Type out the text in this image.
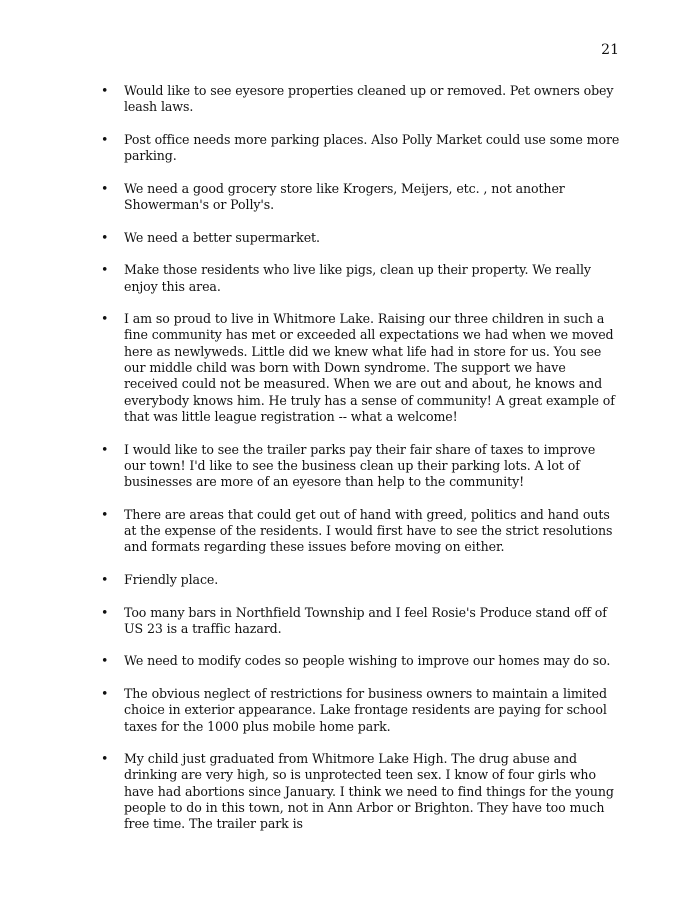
21
• Would like to see eyesore properties cleaned up or removed. Pet owners obey leash laws.
• Post office needs more parking places. Also Polly Market could use some more parking.
• We need a good grocery store like Krogers, Meijers, etc. , not another Showerman's or Polly's.
• We need a better supermarket.
• Make those residents who live like pigs, clean up their property. We really enjoy this area.
• I am so proud to live in Whitmore Lake. Raising our three children in such a fine community has met or exceeded all expectations we had when we moved here as newlyweds. Little did we knew what life had in store for us. You see our middle child was born with Down syndrome. The support we have received could not be measured. When we are out and about, he knows and everybody knows him. He truly has a sense of community! A great example of that was little league registration -- what a welcome!
• I would like to see the trailer parks pay their fair share of taxes to improve our town! I'd like to see the business clean up their parking lots. A lot of businesses are more of an eyesore than help to the community!
• There are areas that could get out of hand with greed, politics and hand outs at the expense of the residents. I would first have to see the strict resolutions and formats regarding these issues before moving on either.
• Friendly place.
• Too many bars in Northfield Township and I feel Rosie's Produce stand off of US 23 is a traffic hazard.
• We need to modify codes so people wishing to improve our homes may do so.
• The obvious neglect of restrictions for business owners to maintain a limited choice in exterior appearance. Lake frontage residents are paying for school taxes for the 1000 plus mobile home park.
• My child just graduated from Whitmore Lake High. The drug abuse and drinking are very high, so is unprotected teen sex. I know of four girls who have had abortions since January. I think we need to find things for the young people to do in this town, not in Ann Arbor or Brighton. They have too much free time. The trailer park is
